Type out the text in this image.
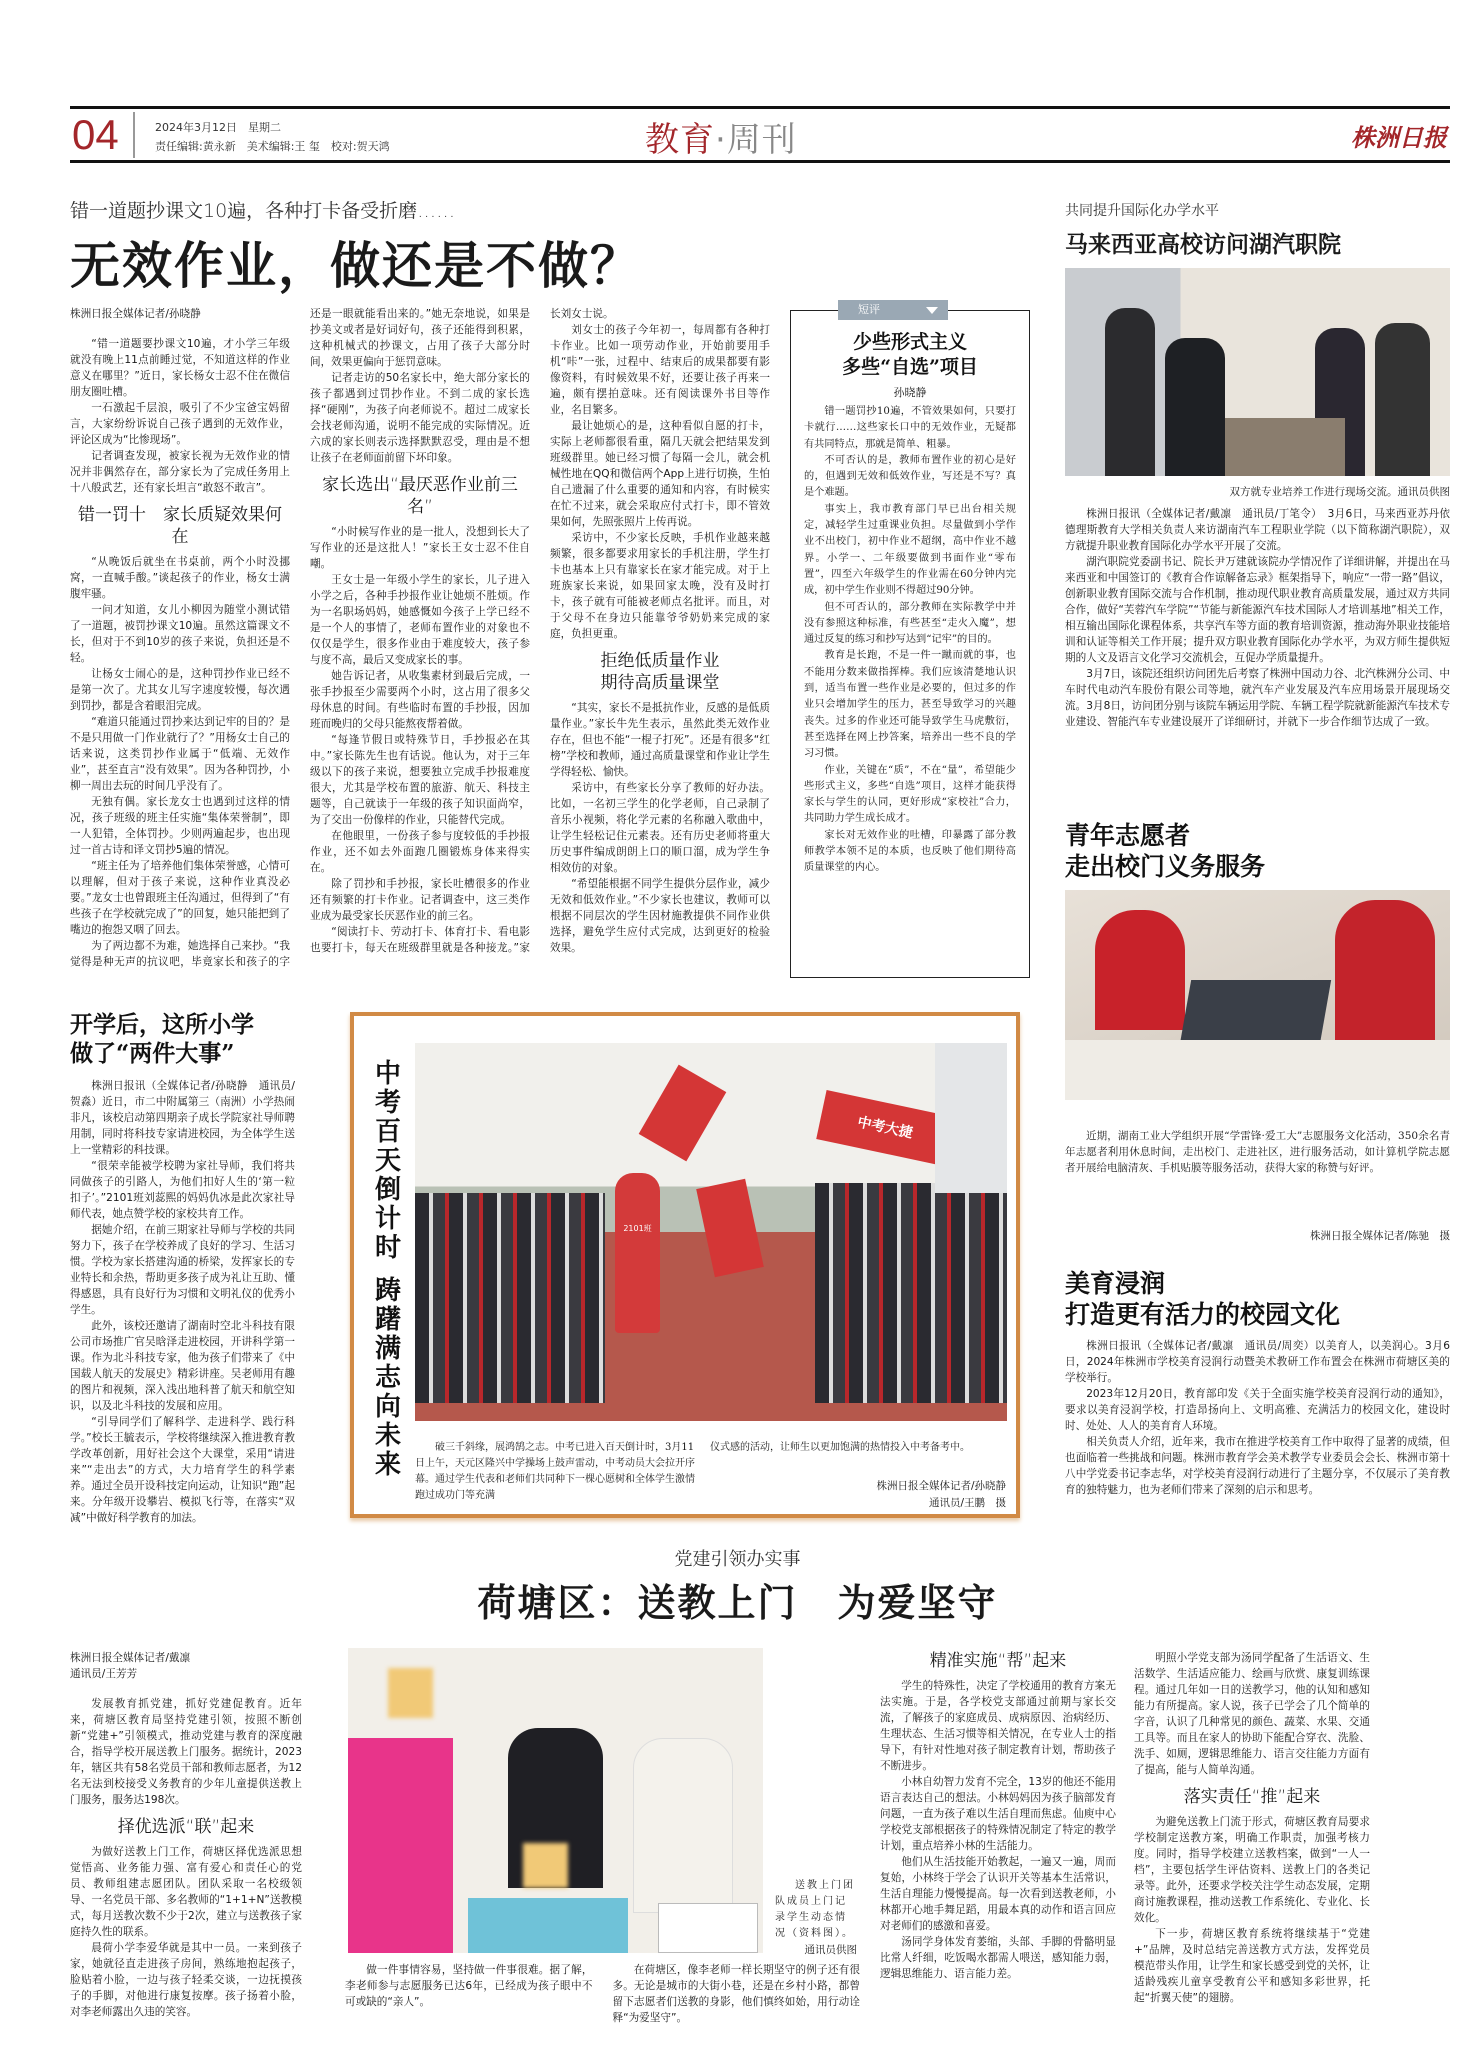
04	2024年3月12日　星期二
责任编辑:黄永新　美术编辑:王 玺　校对:贺天鸿	教育·周刊	株洲日报
错一道题抄课文10遍，各种打卡备受折磨……
无效作业，做还是不做？

株洲日报全媒体记者/孙晓静

“错一道题要抄课文10遍，才小学三年级就没有晚上11点前睡过觉，不知道这样的作业意义在哪里？”近日，家长杨女士忍不住在微信朋友圈吐槽。

一石激起千层浪，吸引了不少宝爸宝妈留言，大家纷纷诉说自己孩子遇到的无效作业，评论区成为“比惨现场”。

记者调查发现，被家长视为无效作业的情况并非偶然存在，部分家长为了完成任务用上十八般武艺，还有家长坦言“敢怒不敢言”。

错一罚十　家长质疑效果何在

“从晚饭后就坐在书桌前，两个小时没挪窝，一直喊手酸。”谈起孩子的作业，杨女士满腹牢骚。

一问才知道，女儿小柳因为随堂小测试错了一道题，被罚抄课文10遍。虽然这篇课文不长，但对于不到10岁的孩子来说，负担还是不轻。

让杨女士闹心的是，这种罚抄作业已经不是第一次了。尤其女儿写字速度较慢，每次遇到罚抄，都是含着眼泪完成。

“难道只能通过罚抄来达到记牢的目的？是不是只用做一门作业就行了？”用杨女士自己的话来说，这类罚抄作业属于“低端、无效作业”，甚至直言“没有效果”。因为各种罚抄，小柳一周出去玩的时间几乎没有了。

无独有偶。家长龙女士也遇到过这样的情况，孩子班级的班主任实施“集体荣誉制”，即一人犯错，全体罚抄。少则两遍起步，也出现过一首古诗和译文罚抄5遍的情况。

“班主任为了培养他们集体荣誉感，心情可以理解，但对于孩子来说，这种作业真没必要。”龙女士也曾跟班主任沟通过，但得到了“有些孩子在学校就完成了”的回复，她只能把到了嘴边的抱怨又咽了回去。

为了两边都不为难，她选择自己来抄。“我觉得是种无声的抗议吧，毕竟家长和孩子的字还是一眼就能看出来的。”她无奈地说，如果是抄美文或者是好词好句，孩子还能得到积累，这种机械式的抄课文，占用了孩子大部分时间，效果更偏向于惩罚意味。

记者走访的50名家长中，绝大部分家长的孩子都遇到过罚抄作业。不到二成的家长选择“硬刚”，为孩子向老师说不。超过二成家长会找老师沟通，说明不能完成的实际情况。近六成的家长则表示选择默默忍受，理由是不想让孩子在老师面前留下坏印象。

家长选出“最厌恶作业前三名”

“小时候写作业的是一批人，没想到长大了写作业的还是这批人！”家长王女士忍不住自嘲。

王女士是一年级小学生的家长，儿子进入小学之后，各种手抄报作业让她烦不胜烦。作为一名职场妈妈，她感慨如今孩子上学已经不是一个人的事情了，老师布置作业的对象也不仅仅是学生，很多作业由于难度较大，孩子参与度不高，最后又变成家长的事。

她告诉记者，从收集素材到最后完成，一张手抄报至少需要两个小时，这占用了很多父母休息的时间。有些临时布置的手抄报，因加班而晚归的父母只能熬夜帮着做。

“每逢节假日或特殊节日，手抄报必在其中。”家长陈先生也有话说。他认为，对于三年级以下的孩子来说，想要独立完成手抄报难度很大，尤其是学校布置的旅游、航天、科技主题等，自己就读于一年级的孩子知识面尚窄，为了交出一份像样的作业，只能替代完成。

在他眼里，一份孩子参与度较低的手抄报作业，还不如去外面跑几圈锻炼身体来得实在。

除了罚抄和手抄报，家长吐槽很多的作业还有频繁的打卡作业。记者调查中，这三类作业成为最受家长厌恶作业的前三名。

“阅读打卡、劳动打卡、体育打卡、看电影也要打卡，每天在班级群里就是各种接龙。”家长刘女士说。

刘女士的孩子今年初一，每周都有各种打卡作业。比如一项劳动作业，开始前要用手机“咔”一张，过程中、结束后的成果都要有影像资料，有时候效果不好，还要让孩子再来一遍，颇有摆拍意味。还有阅读课外书目等作业，名目繁多。

最让她烦心的是，这种看似自愿的打卡，实际上老师都很看重，隔几天就会把结果发到班级群里。她已经习惯了每隔一会儿，就会机械性地在QQ和微信两个App上进行切换，生怕自己遗漏了什么重要的通知和内容，有时候实在忙不过来，就会采取应付式打卡，即不管效果如何，先照张照片上传再说。

采访中，不少家长反映，手机作业越来越频繁，很多都要求用家长的手机注册，学生打卡也基本上只有靠家长在家才能完成。对于上班族家长来说，如果回家太晚，没有及时打卡，孩子就有可能被老师点名批评。而且，对于父母不在身边只能靠爷爷奶奶来完成的家庭，负担更重。

拒绝低质量作业
期待高质量课堂

“其实，家长不是抵抗作业，反感的是低质量作业。”家长牛先生表示，虽然此类无效作业存在，但也不能“一棍子打死”。还是有很多“红榜”学校和教师，通过高质量课堂和作业让学生学得轻松、愉快。

采访中，有些家长分享了教师的好办法。比如，一名初三学生的化学老师，自己录制了音乐小视频，将化学元素的名称融入歌曲中，让学生轻松记住元素表。还有历史老师将重大历史事件编成朗朗上口的顺口溜，成为学生争相效仿的对象。

“希望能根据不同学生提供分层作业，减少无效和低效作业。”不少家长也建议，教师可以根据不同层次的学生因材施教提供不同作业供选择，避免学生应付式完成，达到更好的检验效果。

短评
少些形式主义
多些“自选”项目
孙晓静

错一题罚抄10遍，不管效果如何，只要打卡就行……这些家长口中的无效作业，无疑都有共同特点，那就是简单、粗暴。

不可否认的是，教师布置作业的初心是好的，但遇到无效和低效作业，写还是不写？真是个难题。

事实上，我市教育部门早已出台相关规定，减轻学生过重课业负担。尽量做到小学作业不出校门，初中作业不超纲，高中作业不越界。小学一、二年级要做到书面作业“零布置”，四至六年级学生的作业需在60分钟内完成，初中学生作业则不得超过90分钟。

但不可否认的，部分教师在实际教学中并没有参照这种标准，有些甚至“走火入魔”，想通过反复的练习和抄写达到“记牢”的目的。

教育是长跑，不是一件一蹴而就的事，也不能用分数来做指挥棒。我们应该清楚地认识到，适当布置一些作业是必要的，但过多的作业只会增加学生的压力，甚至导致学习的兴趣丧失。过多的作业还可能导致学生马虎敷衍，甚至选择在网上抄答案，培养出一些不良的学习习惯。

作业，关键在“质”，不在“量”，希望能少些形式主义，多些“自选”项目，这样才能获得家长与学生的认同，更好形成“家校社”合力，共同助力学生成长成才。

家长对无效作业的吐槽，印暴露了部分教师教学本领不足的本质，也反映了他们期待高质量课堂的内心。

共同提升国际化办学水平
马来西亚高校访问湖汽职院
双方就专业培养工作进行现场交流。通讯员供图

株洲日报讯（全媒体记者/戴凛　通讯员/丁笔令）　3月6日，马来西亚苏丹依德理斯教育大学相关负责人来访湖南汽车工程职业学院（以下简称湖汽职院），双方就提升职业教育国际化办学水平开展了交流。

湖汽职院党委副书记、院长尹万建就该院办学情况作了详细讲解，并提出在马来西亚和中国签订的《教育合作谅解备忘录》框架指导下，响应“一带一路”倡议，创新职业教育国际交流与合作机制，推动现代职业教育高质量发展，通过双方共同合作，做好“芙蓉汽车学院”“节能与新能源汽车技术国际人才培训基地”相关工作，相互输出国际化课程体系，共享汽车等方面的教育培训资源，推动海外职业技能培训和认证等相关工作开展；提升双方职业教育国际化办学水平，为双方师生提供短期的人文及语言文化学习交流机会，互促办学质量提升。

3月7日，该院还组织访问团先后考察了株洲中国动力谷、北汽株洲分公司、中车时代电动汽车股份有限公司等地，就汽车产业发展及汽车应用场景开展现场交流。3月8日，访问团分别与该院车辆运用学院、车辆工程学院就新能源汽车技术专业建设、智能汽车专业建设展开了详细研讨，并就下一步合作细节达成了一致。

青年志愿者
走出校门义务服务
近期，湖南工业大学组织开展“学雷锋·爱工大”志愿服务文化活动，350余名青年志愿者利用休息时间，走出校门、走进社区，进行服务活动，如计算机学院志愿者开展给电脑清灰、手机贴膜等服务活动，获得大家的称赞与好评。
株洲日报全媒体记者/陈驰　摄
美育浸润
打造更有活力的校园文化

株洲日报讯（全媒体记者/戴凛　通讯员/周奕）以美育人，以美润心。3月6日，2024年株洲市学校美育浸润行动暨美术教研工作布置会在株洲市荷塘区美的学校举行。

2023年12月20日，教育部印发《关于全面实施学校美育浸润行动的通知》，要求以美育浸润学校，打造昂扬向上、文明高雅、充满活力的校园文化，建设时时、处处、人人的美育育人环境。

相关负责人介绍，近年来，我市在推进学校美育工作中取得了显著的成绩，但也面临着一些挑战和问题。株洲市教育学会美术教学专业委员会会长、株洲市第十八中学党委书记李志华，对学校美育浸润行动进行了主题分享，不仅展示了美育教育的独特魅力，也为老师们带来了深刻的启示和思考。

开学后，这所小学
做了“两件大事”

株洲日报讯（全媒体记者/孙晓静　通讯员/贺淼）近日，市二中附属第三（南洲）小学热闹非凡，该校启动第四期亲子成长学院家社导师聘用制，同时将科技专家请进校园，为全体学生送上一堂精彩的科技课。

“很荣幸能被学校聘为家社导师，我们将共同做孩子的引路人，为他们扣好人生的‘第一粒扣子’。”2101班刘蕊熙的妈妈仇冰是此次家社导师代表，她点赞学校的家校共育工作。

据她介绍，在前三期家社导师与学校的共同努力下，孩子在学校养成了良好的学习、生活习惯。学校为家长搭建沟通的桥梁，发挥家长的专业特长和余热，帮助更多孩子成为礼让互助、懂得感恩，具有良好行为习惯和文明礼仪的优秀小学生。

此外，该校还邀请了湖南时空北斗科技有限公司市场推广官吴晗泽走进校园，开讲科学第一课。作为北斗科技专家，他为孩子们带来了《中国载人航天的发展史》精彩讲座。吴老师用有趣的图片和视频，深入浅出地科普了航天和航空知识，以及北斗科技的发展和应用。

“引导同学们了解科学、走进科学、践行科学。”校长王毓表示，学校将继续深入推进教育教学改革创新，用好社会这个大课堂，采用“请进来”“走出去”的方式，大力培育学生的科学素养。通过全员开设科技定向运动，让知识“跑”起来。分年级开设攀岩、模拟飞行等，在落实“双减”中做好科学教育的加法。

中考百天倒计时
踌躇满志向未来
2101班
中考大捷
破三千斜缘，展鸿鹄之志。中考已进入百天倒计时，3月11日上午，天元区隆兴中学操场上鼓声雷动，中考动员大会拉开序幕。通过学生代表和老师们共同种下一棵心愿树和全体学生激情跑过成功门等充满
仪式感的活动，让师生以更加饱满的热情投入中考备考中。
株洲日报全媒体记者/孙晓静
通讯员/王鹏　摄
党建引领办实事
荷塘区：送教上门　为爱坚守

株洲日报全媒体记者/戴凛

通讯员/王芳芳

发展教育抓党建，抓好党建促教育。近年来，荷塘区教育局坚持党建引领，按照不断创新“党建+”引领模式，推动党建与教育的深度融合，指导学校开展送教上门服务。据统计，2023年，辖区共有58名党员干部和教师志愿者，为12名无法到校接受义务教育的少年儿童提供送教上门服务，服务达198次。

择优选派“联”起来

为做好送教上门工作，荷塘区择优选派思想觉悟高、业务能力强、富有爱心和责任心的党员、教师组建志愿团队。团队采取一名校级领导、一名党员干部、多名教师的“1+1+N”送教模式，每月送教次数不少于2次，建立与送教孩子家庭持久性的联系。

晨荷小学李爱华就是其中一员。一来到孩子家，她就径直走进孩子房间，熟练地抱起孩子，脸贴着小脸，一边与孩子轻柔交谈，一边抚摸孩子的手脚，对他进行康复按摩。孩子扬着小脸，对李老师露出久违的笑容。

送教上门团队成员上门记录学生动态情况（资料图）。
通讯员供图

做一件事情容易，坚持做一件事很难。据了解，李老师参与志愿服务已达6年，已经成为孩子眼中不可或缺的“亲人”。

在荷塘区，像李老师一样长期坚守的例子还有很多。无论是城市的大街小巷，还是在乡村小路，都曾留下志愿者们送教的身影，他们慎终如始，用行动诠释“为爱坚守”。

精准实施“帮”起来

学生的特殊性，决定了学校通用的教育方案无法实施。于是，各学校党支部通过前期与家长交流，了解孩子的家庭成员、成病原因、治病经历、生理状态、生活习惯等相关情况，在专业人士的指导下，有针对性地对孩子制定教育计划，帮助孩子不断进步。

小林自幼智力发育不完全，13岁的他还不能用语言表达自己的想法。小林妈妈因为孩子脑部发育问题，一直为孩子难以生活自理而焦虑。仙庾中心学校党支部根据孩子的特殊情况制定了特定的教学计划，重点培养小林的生活能力。

他们从生活技能开始教起，一遍又一遍，周而复始，小林终于学会了认识开关等基本生活常识，生活自理能力慢慢提高。每一次看到送教老师，小林都开心地手舞足蹈，用最本真的动作和语言回应对老师们的感激和喜爱。

汤同学身体发育萎缩，头部、手脚的骨骼明显比常人纤细，吃饭喝水都需人喂送，感知能力弱，逻辑思维能力、语言能力差。

明照小学党支部为汤同学配备了生活语文、生活数学、生活适应能力、绘画与欣赏、康复训练课程。通过几年如一日的送教学习，他的认知和感知能力有所提高。家人说，孩子已学会了几个简单的字音，认识了几种常见的颜色、蔬菜、水果、交通工具等。而且在家人的协助下能配合穿衣、洗脸、洗手、如厕，逻辑思维能力、语言交往能力方面有了提高，能与人简单沟通。

落实责任“推”起来

为避免送教上门流于形式，荷塘区教育局要求学校制定送教方案，明确工作职责，加强考核力度。同时，指导学校建立送教档案，做到“一人一档”，主要包括学生评估资料、送教上门的各类记录等。此外，还要求学校关注学生动态发展，定期商讨施教课程，推动送教工作系统化、专业化、长效化。

下一步，荷塘区教育系统将继续基于“党建+”品牌，及时总结完善送教方式方法，发挥党员模范带头作用，让学生和家长感受到党的关怀，让适龄残疾儿童享受教育公平和感知多彩世界，托起“折翼天使”的翅膀。
